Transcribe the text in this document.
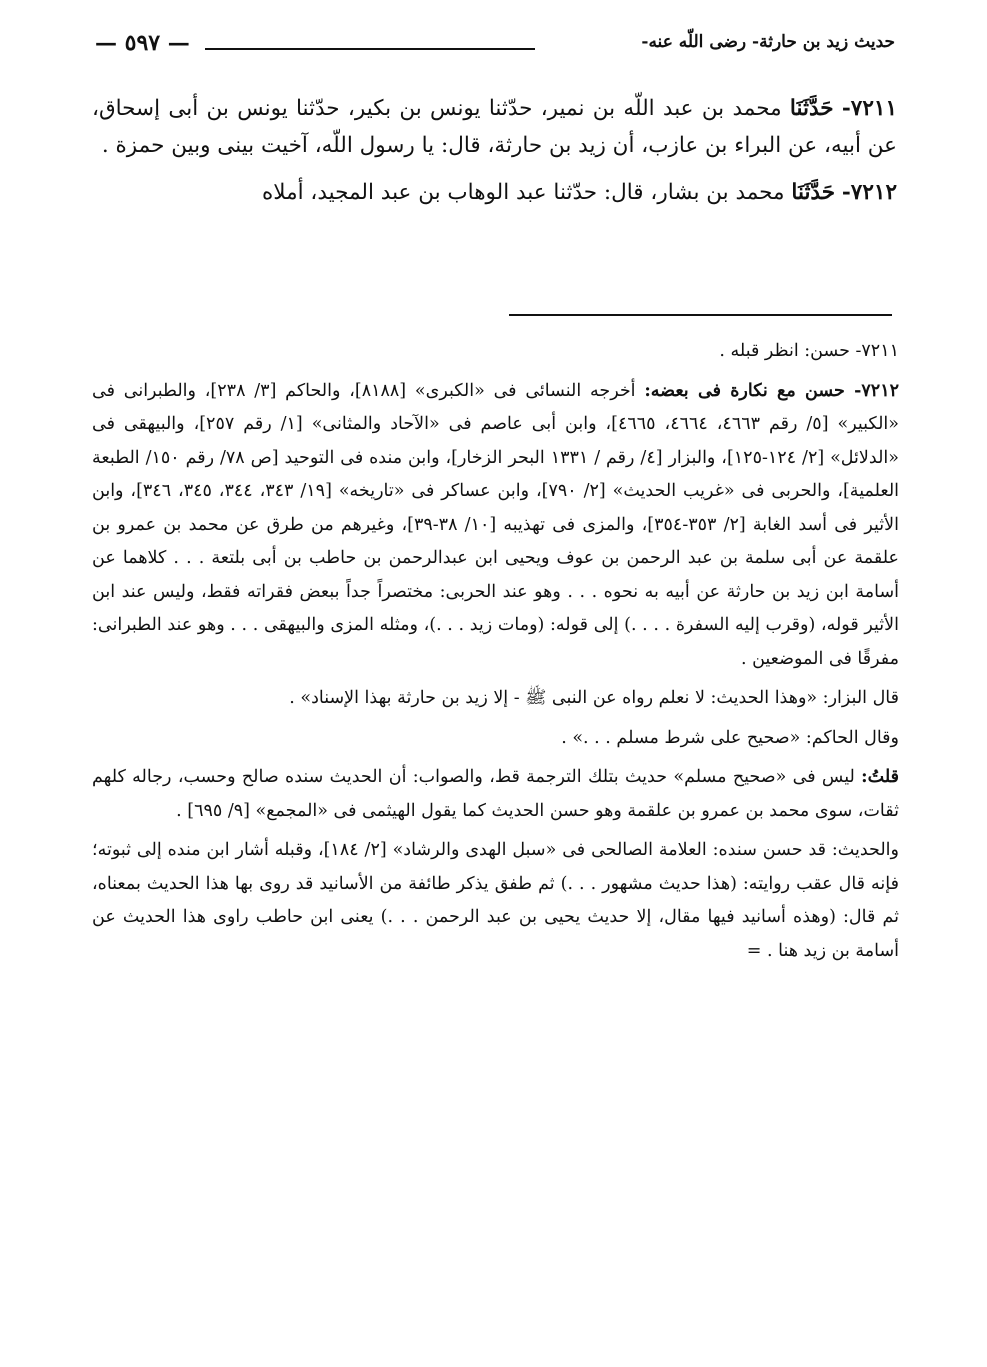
حديث زيد بن حارثة- رضى اللّه عنه-
— ٥٩٧ —

٧٢١١- حَدَّثَنَا محمد بن عبد اللّه بن نمير، حدّثنا يونس بن بكير، حدّثنا يونس بن أبى إسحاق، عن أبيه، عن البراء بن عازب، أن زيد بن حارثة، قال: يا رسول اللّه، آخيت بينى وبين حمزة .

٧٢١٢- حَدَّثَنَا محمد بن بشار، قال: حدّثنا عبد الوهاب بن عبد المجيد، أملاه

٧٢١١- حسن: انظر قبله .

٧٢١٢- حسن مع نكارة فى بعضه: أخرجه النسائى فى «الكبرى» [٨١٨٨]، والحاكم [٣/ ٢٣٨]، والطبرانى فى «الكبير» [٥/ رقم ٤٦٦٣، ٤٦٦٤، ٤٦٦٥]، وابن أبى عاصم فى «الآحاد والمثانى» [١/ رقم ٢٥٧]، والبيهقى فى «الدلائل» [٢/ ١٢٤-١٢٥]، والبزار [٤/ رقم / ١٣٣١ البحر الزخار]، وابن منده فى التوحيد [ص ٧٨/ رقم ١٥٠/ الطبعة العلمية]، والحربى فى «غريب الحديث» [٢/ ٧٩٠]، وابن عساكر فى «تاريخه» [١٩/ ٣٤٣، ٣٤٤، ٣٤٥، ٣٤٦]، وابن الأثير فى أسد الغابة [٢/ ٣٥٣-٣٥٤]، والمزى فى تهذيبه [١٠/ ٣٨-٣٩]، وغيرهم من طرق عن محمد بن عمرو بن علقمة عن أبى سلمة بن عبد الرحمن بن عوف ويحيى ابن عبدالرحمن بن حاطب بن أبى بلتعة . . . كلاهما عن أسامة ابن زيد بن حارثة عن أبيه به نحوه . . . وهو عند الحربى: مختصراً جداً ببعض فقراته فقط، وليس عند ابن الأثير قوله، (وقرب إليه السفرة . . . .) إلى قوله: (ومات زيد . . .)، ومثله المزى والبيهقى . . . وهو عند الطبرانى: مفرقًا فى الموضعين .

قال البزار: «وهذا الحديث: لا نعلم رواه عن النبى ﷺ - إلا زيد بن حارثة بهذا الإسناد» .

وقال الحاكم: «صحيح على شرط مسلم . . .» .

قلتُ: ليس فى «صحيح مسلم» حديث بتلك الترجمة قط، والصواب: أن الحديث سنده صالح وحسب، رجاله كلهم ثقات، سوى محمد بن عمرو بن علقمة وهو حسن الحديث كما يقول الهيثمى فى «المجمع» [٩/ ٦٩٥] .

والحديث: قد حسن سنده: العلامة الصالحى فى «سبل الهدى والرشاد» [٢/ ١٨٤]، وقبله أشار ابن منده إلى ثبوته؛ فإنه قال عقب روايته: (هذا حديث مشهور . . .) ثم طفق يذكر طائفة من الأسانيد قد روى بها هذا الحديث بمعناه، ثم قال: (وهذه أسانيد فيها مقال، إلا حديث يحيى بن عبد الرحمن . . .) يعنى ابن حاطب راوى هذا الحديث عن أسامة بن زيد هنا . =
